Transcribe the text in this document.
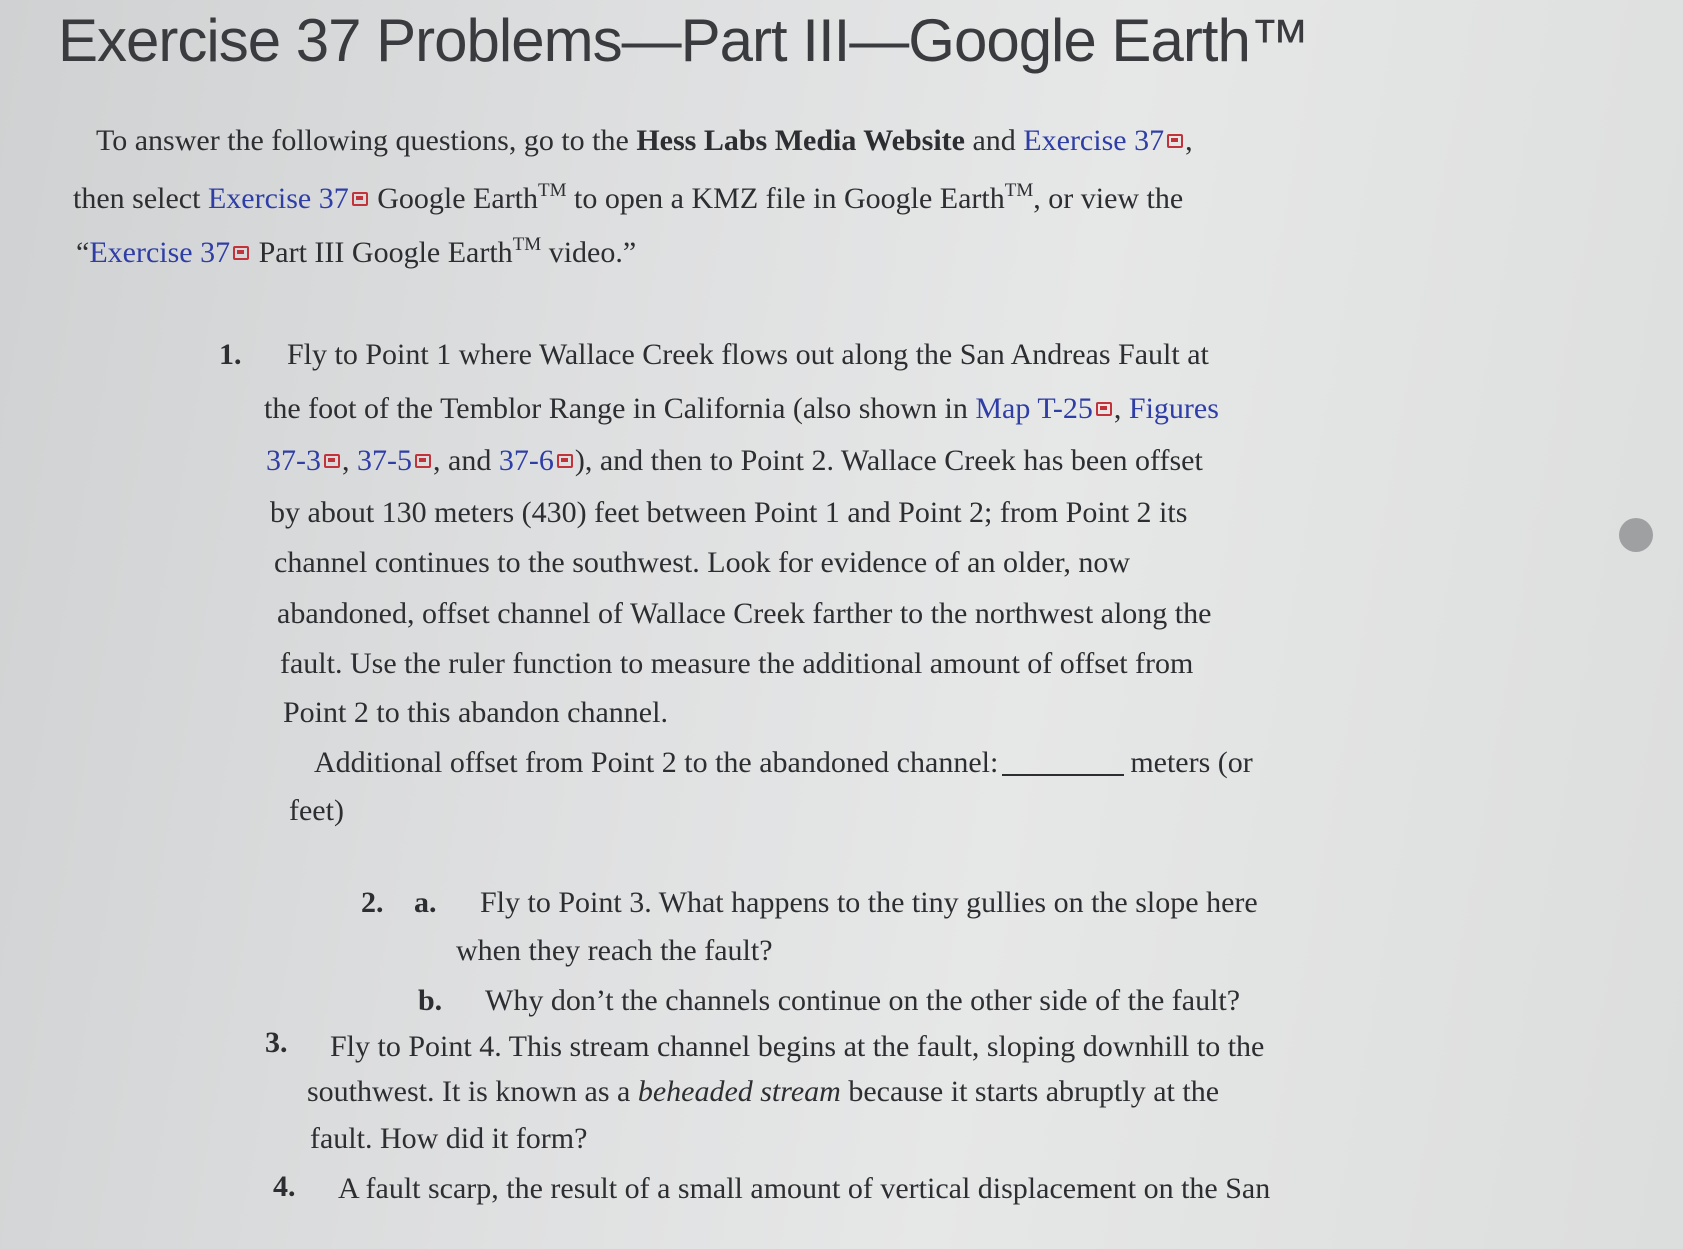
Exercise 37 Problems—Part III—Google Earth™
To answer the following questions, go to the Hess Labs Media Website and Exercise 37 ,
then select Exercise 37 Google Earth™ to open a KMZ file in Google Earth™, or view the
“Exercise 37 Part III Google Earth™ video.”
1. Fly to Point 1 where Wallace Creek flows out along the San Andreas Fault at
the foot of the Temblor Range in California (also shown in Map T-25 , Figures
37-3 , 37-5 , and 37-6 ), and then to Point 2. Wallace Creek has been offset
by about 130 meters (430) feet between Point 1 and Point 2; from Point 2 its
channel continues to the southwest. Look for evidence of an older, now
abandoned, offset channel of Wallace Creek farther to the northwest along the
fault. Use the ruler function to measure the additional amount of offset from
Point 2 to this abandon channel.
Additional offset from Point 2 to the abandoned channel:	meters (or
feet)
2. a. Fly to Point 3. What happens to the tiny gullies on the slope here
when they reach the fault?
b. Why don’t the channels continue on the other side of the fault?
3. Fly to Point 4. This stream channel begins at the fault, sloping downhill to the
southwest. It is known as a beheaded stream because it starts abruptly at the
fault. How did it form?
4. A fault scarp, the result of a small amount of vertical displacement on the San
